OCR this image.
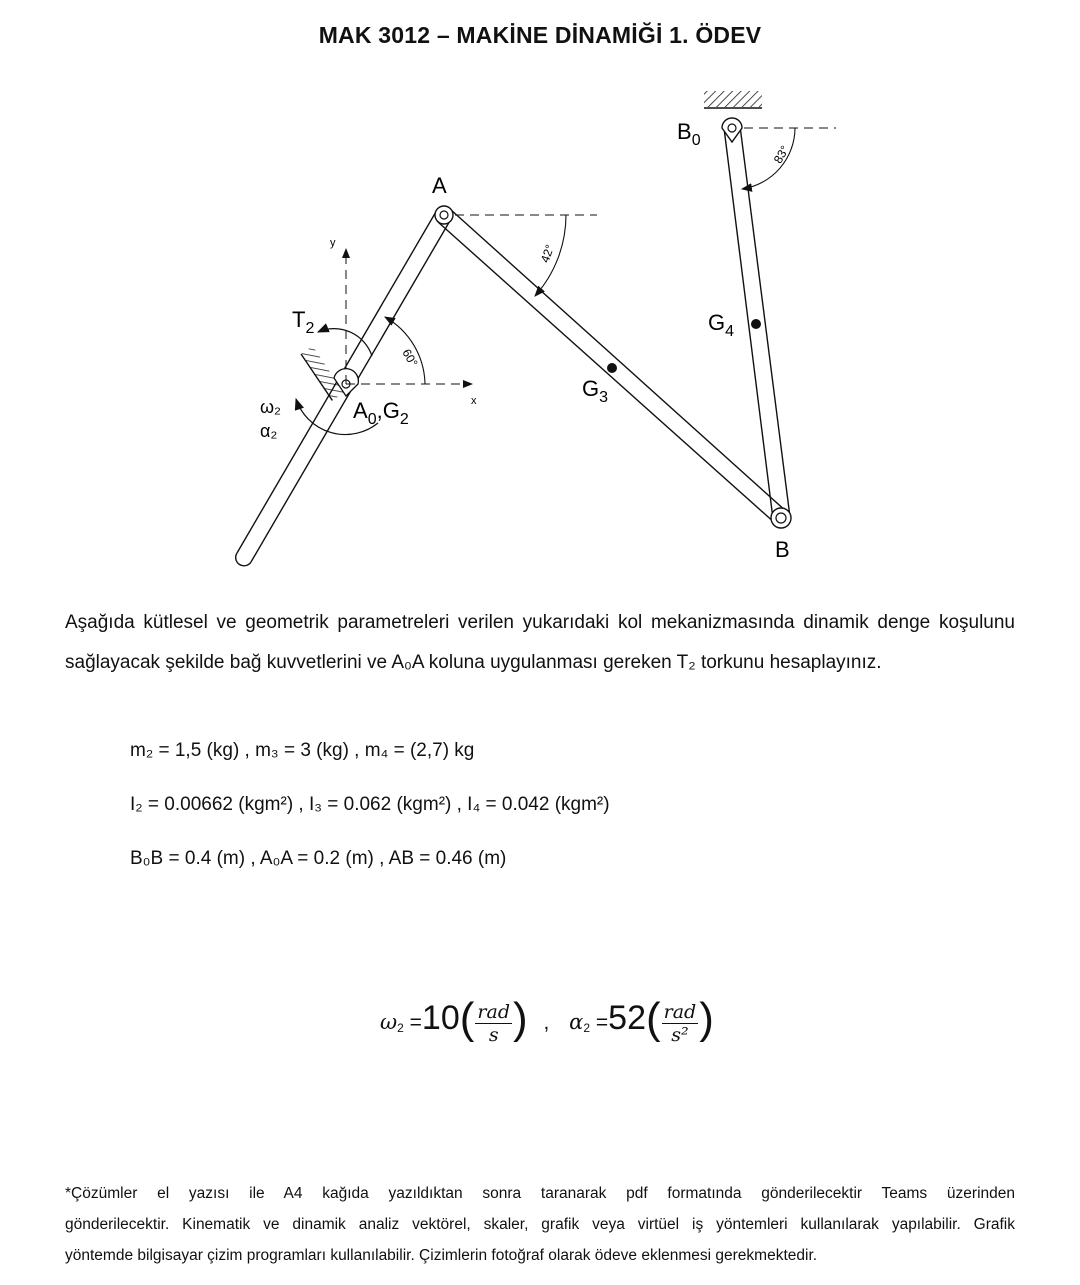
MAK 3012 – MAKİNE DİNAMİĞİ 1. ÖDEV
A
B
$B_0$
$G_3$
$G_4$
$T_2$
$A_0,G_2$
ω₂
α₂
x
y
60°
42°
83°
Aşağıda kütlesel ve geometrik parametreleri verilen yukarıdaki kol mekanizmasında dinamik denge koşulunu sağlayacak şekilde bağ kuvvetlerini ve A₀A koluna uygulanması gereken T₂ torkunu hesaplayınız.
m₂ = 1,5 (kg) , m₃ = 3 (kg) , m₄ = (2,7) kg
I₂ = 0.00662 (kgm²) , I₃ = 0.062 (kgm²) , I₄ = 0.042 (kgm²)
B₀B = 0.4 (m) , A₀A = 0.2 (m) , AB = 0.46 (m)
$\omega 2 =10( \frac{\text{rad}}{s}$ ) , $\alpha 2 =52( \frac{\text{rad}}{\text{s²}}$ )
*Çözümler el yazısı ile A4 kağıda yazıldıktan sonra taranarak pdf formatında gönderilecektir Teams üzerinden
gönderilecektir. Kinematik ve dinamik analiz vektörel, skaler, grafik veya virtüel iş yöntemleri kullanılarak yapılabilir. Grafik
yöntemde bilgisayar çizim programları kullanılabilir. Çizimlerin fotoğraf olarak ödeve eklenmesi gerekmektedir.
